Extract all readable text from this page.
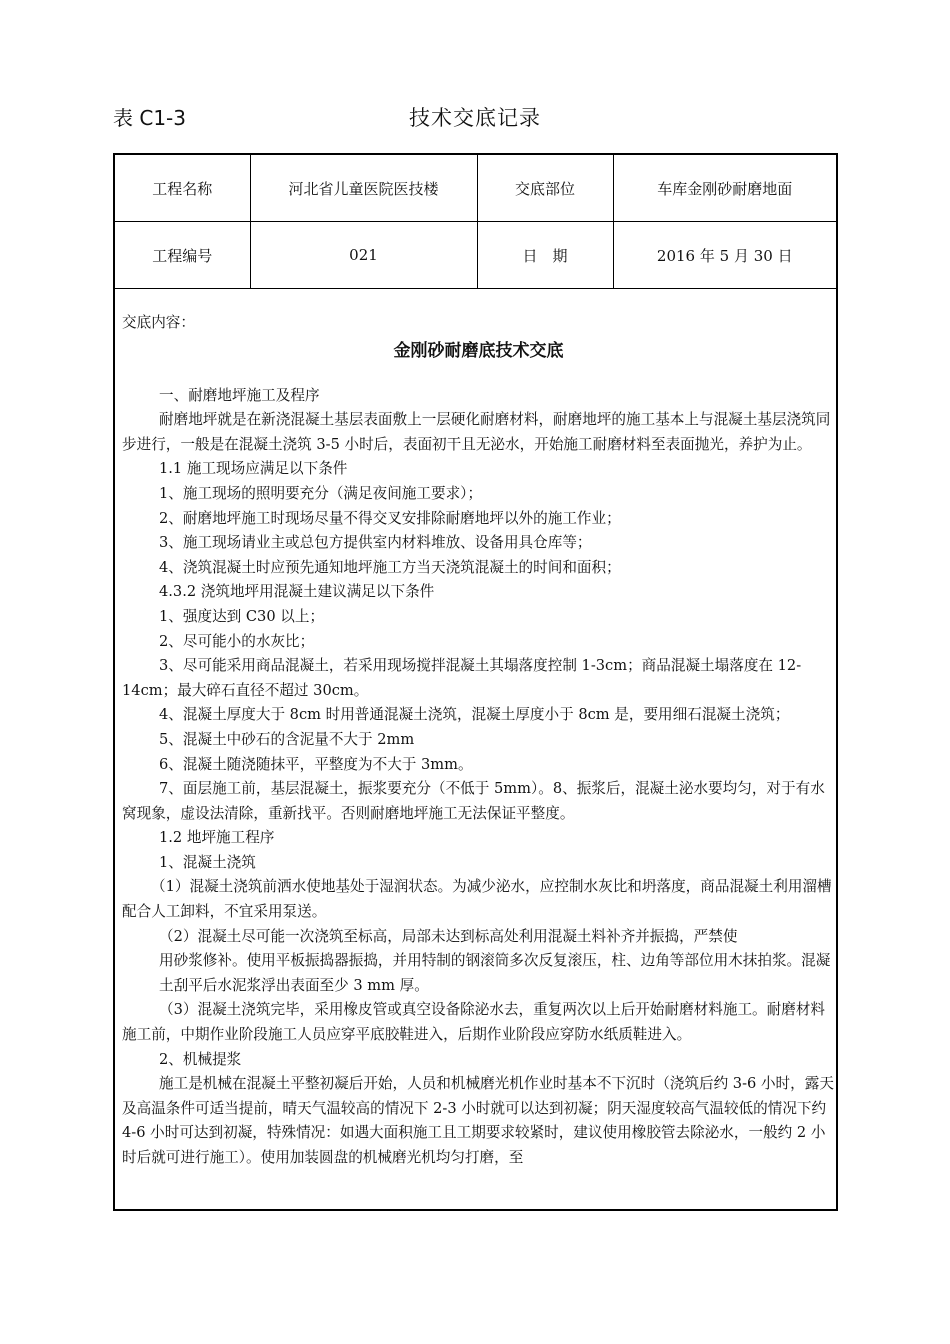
表 C1-3	技术交底记录
工程名称	河北省儿童医院医技楼	交底部位	车库金刚砂耐磨地面
工程编号	021	日　期	2016 年 5 月 30 日

交底内容：

金刚砂耐磨底技术交底

一、耐磨地坪施工及程序

耐磨地坪就是在新浇混凝土基层表面敷上一层硬化耐磨材料，耐磨地坪的施工基本上与混凝土基层浇筑同步进行，一般是在混凝土浇筑 3-5 小时后，表面初干且无泌水，开始施工耐磨材料至表面抛光，养护为止。

1.1 施工现场应满足以下条件

1、施工现场的照明要充分（满足夜间施工要求）；

2、耐磨地坪施工时现场尽量不得交叉安排除耐磨地坪以外的施工作业；

3、施工现场请业主或总包方提供室内材料堆放、设备用具仓库等；

4、浇筑混凝土时应预先通知地坪施工方当天浇筑混凝土的时间和面积；

4.3.2 浇筑地坪用混凝土建议满足以下条件

1、强度达到 C30 以上；

2、尽可能小的水灰比；

3、尽可能采用商品混凝土，若采用现场搅拌混凝土其塌落度控制 1-3cm；商品混凝土塌落度在 12-14cm；最大碎石直径不超过 30cm。

4、混凝土厚度大于 8cm 时用普通混凝土浇筑，混凝土厚度小于 8cm 是，要用细石混凝土浇筑；

5、混凝土中砂石的含泥量不大于 2mm

6、混凝土随浇随抹平，平整度为不大于 3mm。

7、面层施工前，基层混凝土，振浆要充分（不低于 5mm）。8、振浆后，混凝土泌水要均匀，对于有水窝现象，虚设法清除，重新找平。否则耐磨地坪施工无法保证平整度。

1.2 地坪施工程序

1、混凝土浇筑

（1）混凝土浇筑前洒水使地基处于湿润状态。为减少泌水，应控制水灰比和坍落度，商品混凝土利用溜槽配合人工卸料，不宜采用泵送。

（2）混凝土尽可能一次浇筑至标高，局部未达到标高处利用混凝土料补齐并振捣，严禁使

用砂浆修补。使用平板振捣器振捣，并用特制的钢滚筒多次反复滚压，柱、边角等部位用木抹拍浆。混凝土刮平后水泥浆浮出表面至少 3 mm 厚。

（3）混凝土浇筑完毕，采用橡皮管或真空设备除泌水去，重复两次以上后开始耐磨材料施工。耐磨材料施工前，中期作业阶段施工人员应穿平底胶鞋进入，后期作业阶段应穿防水纸质鞋进入。

2、机械提浆

施工是机械在混凝土平整初凝后开始，人员和机械磨光机作业时基本不下沉时（浇筑后约 3-6 小时，露天及高温条件可适当提前，晴天气温较高的情况下 2-3 小时就可以达到初凝；阴天湿度较高气温较低的情况下约 4-6 小时可达到初凝，特殊情况：如遇大面积施工且工期要求较紧时，建议使用橡胶管去除泌水，一般约 2 小时后就可进行施工）。使用加装圆盘的机械磨光机均匀打磨，至
